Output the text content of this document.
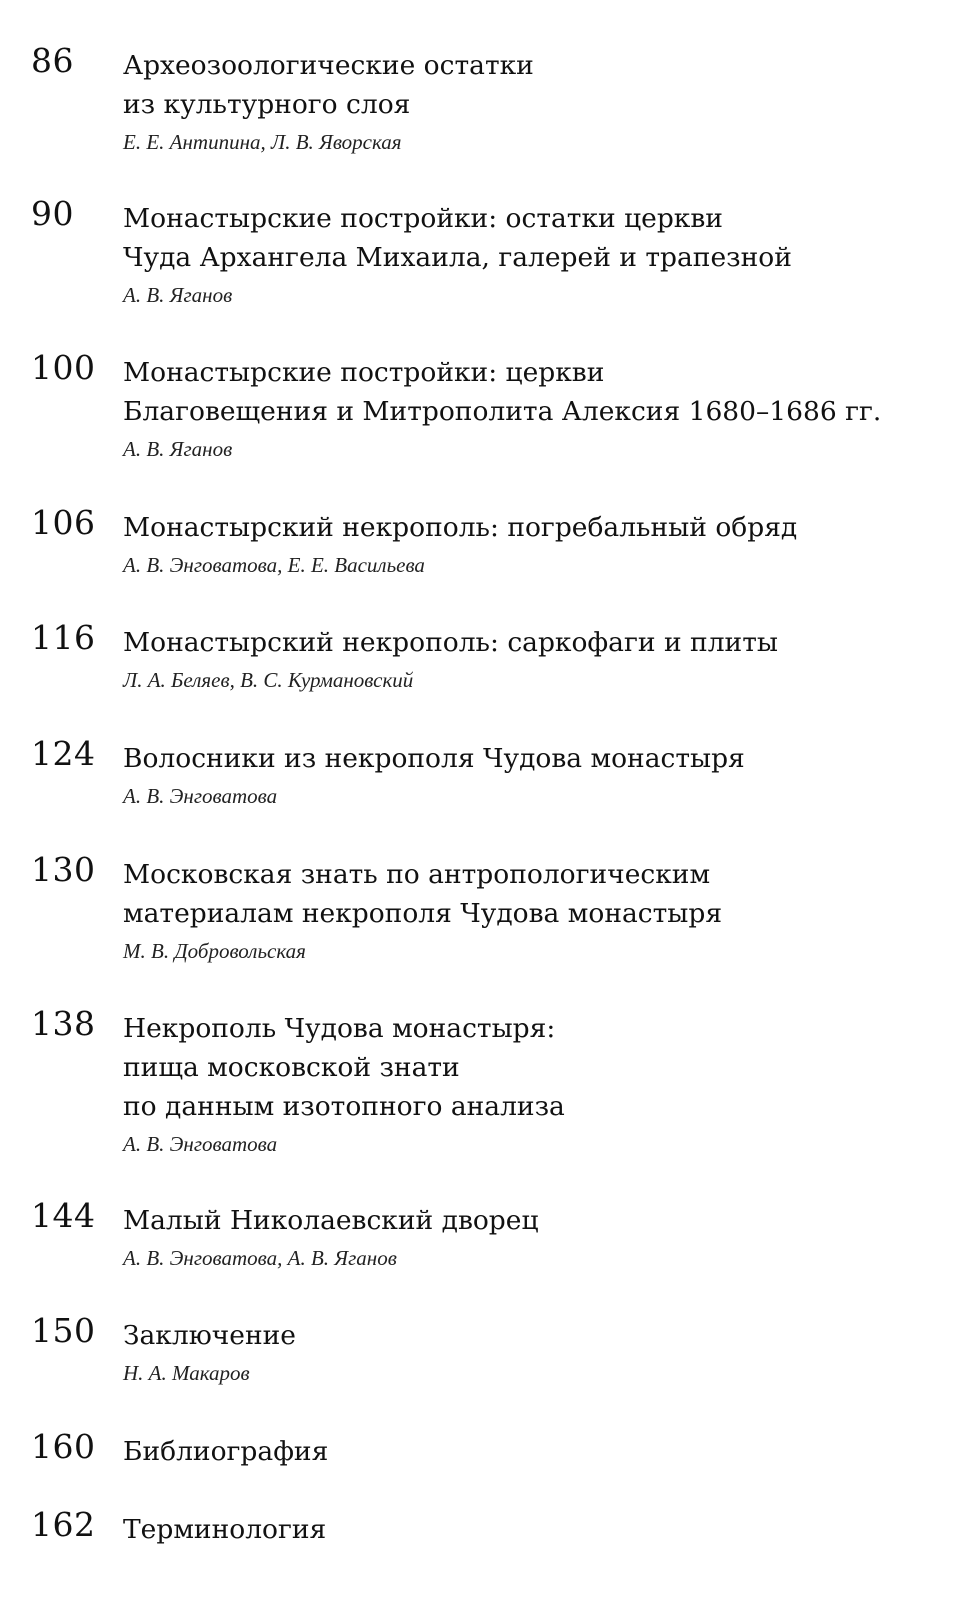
86 Археозоологические остатки
из культурного слоя
Е. Е. Антипина, Л. В. Яворская
90 Монастырские постройки: остатки церкви
Чуда Архангела Михаила, галерей и трапезной
А. В. Яганов
100 Монастырские постройки: церкви
Благовещения и Митрополита Алексия 1680–1686 гг.
А. В. Яганов
106 Монастырский некрополь: погребальный обряд
А. В. Энговатова, Е. Е. Васильева
116 Монастырский некрополь: саркофаги и плиты
Л. А. Беляев, В. С. Курмановский
124 Волосники из некрополя Чудова монастыря
А. В. Энговатова
130 Московская знать по антропологическим
материалам некрополя Чудова монастыря
М. В. Добровольская
138 Некрополь Чудова монастыря:
пища московской знати
по данным изотопного анализа
А. В. Энговатова
144 Малый Николаевский дворец
А. В. Энговатова, А. В. Яганов
150 Заключение
Н. А. Макаров
160 Библиография
162 Терминология
